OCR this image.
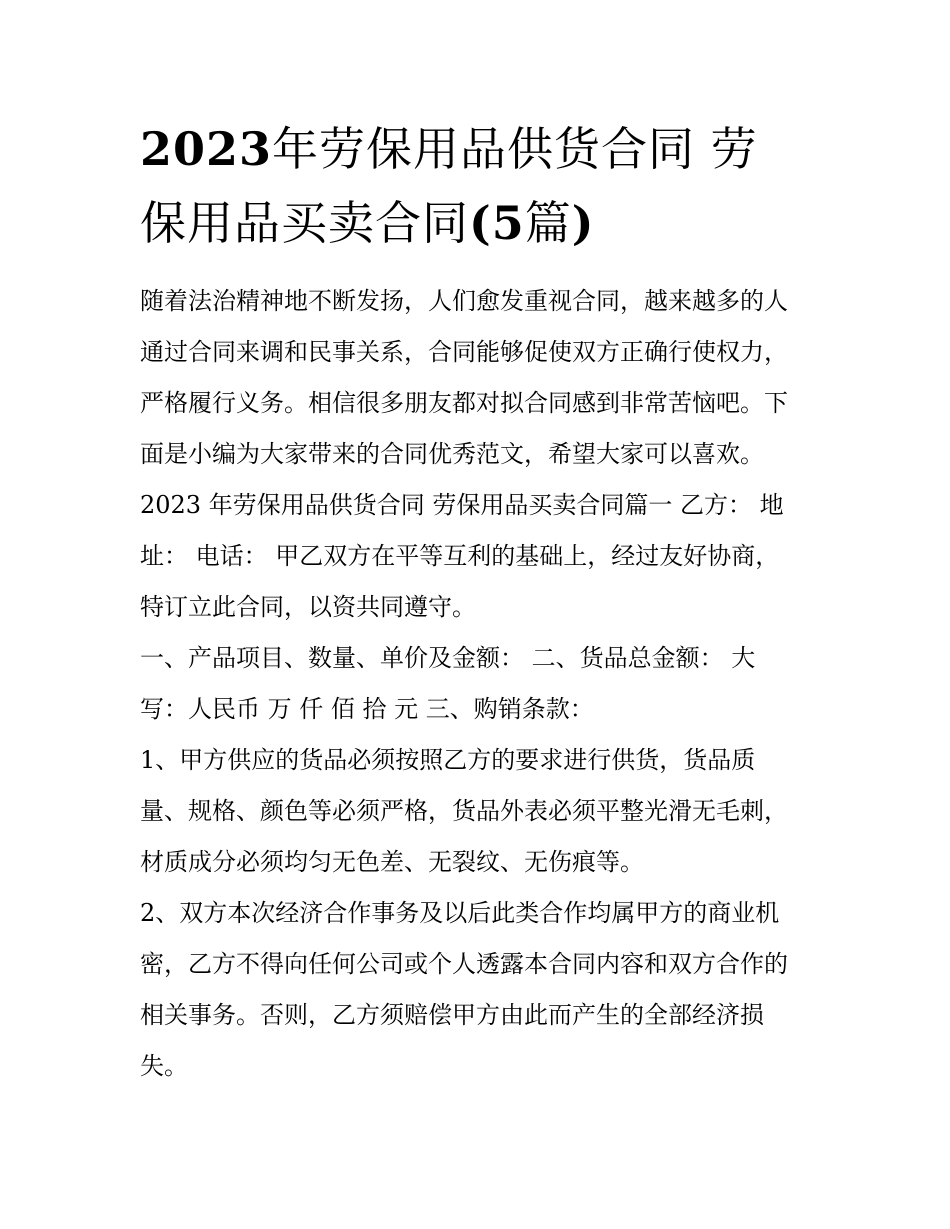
2023年劳保用品供货合同 劳
保用品买卖合同(5篇)
随着法治精神地不断发扬，人们愈发重视合同，越来越多的人
通过合同来调和民事关系，合同能够促使双方正确行使权力，
严格履行义务。相信很多朋友都对拟合同感到非常苦恼吧。下
面是小编为大家带来的合同优秀范文，希望大家可以喜欢。
2023 年劳保用品供货合同 劳保用品买卖合同篇一 乙方： 地
址： 电话： 甲乙双方在平等互利的基础上，经过友好协商，
特订立此合同，以资共同遵守。
一、产品项目、数量、单价及金额： 二、货品总金额： 大
写：人民币 万 仟 佰 拾 元 三、购销条款：
1、甲方供应的货品必须按照乙方的要求进行供货，货品质
量、规格、颜色等必须严格，货品外表必须平整光滑无毛刺，
材质成分必须均匀无色差、无裂纹、无伤痕等。
2、双方本次经济合作事务及以后此类合作均属甲方的商业机
密，乙方不得向任何公司或个人透露本合同内容和双方合作的
相关事务。否则，乙方须赔偿甲方由此而产生的全部经济损
失。
